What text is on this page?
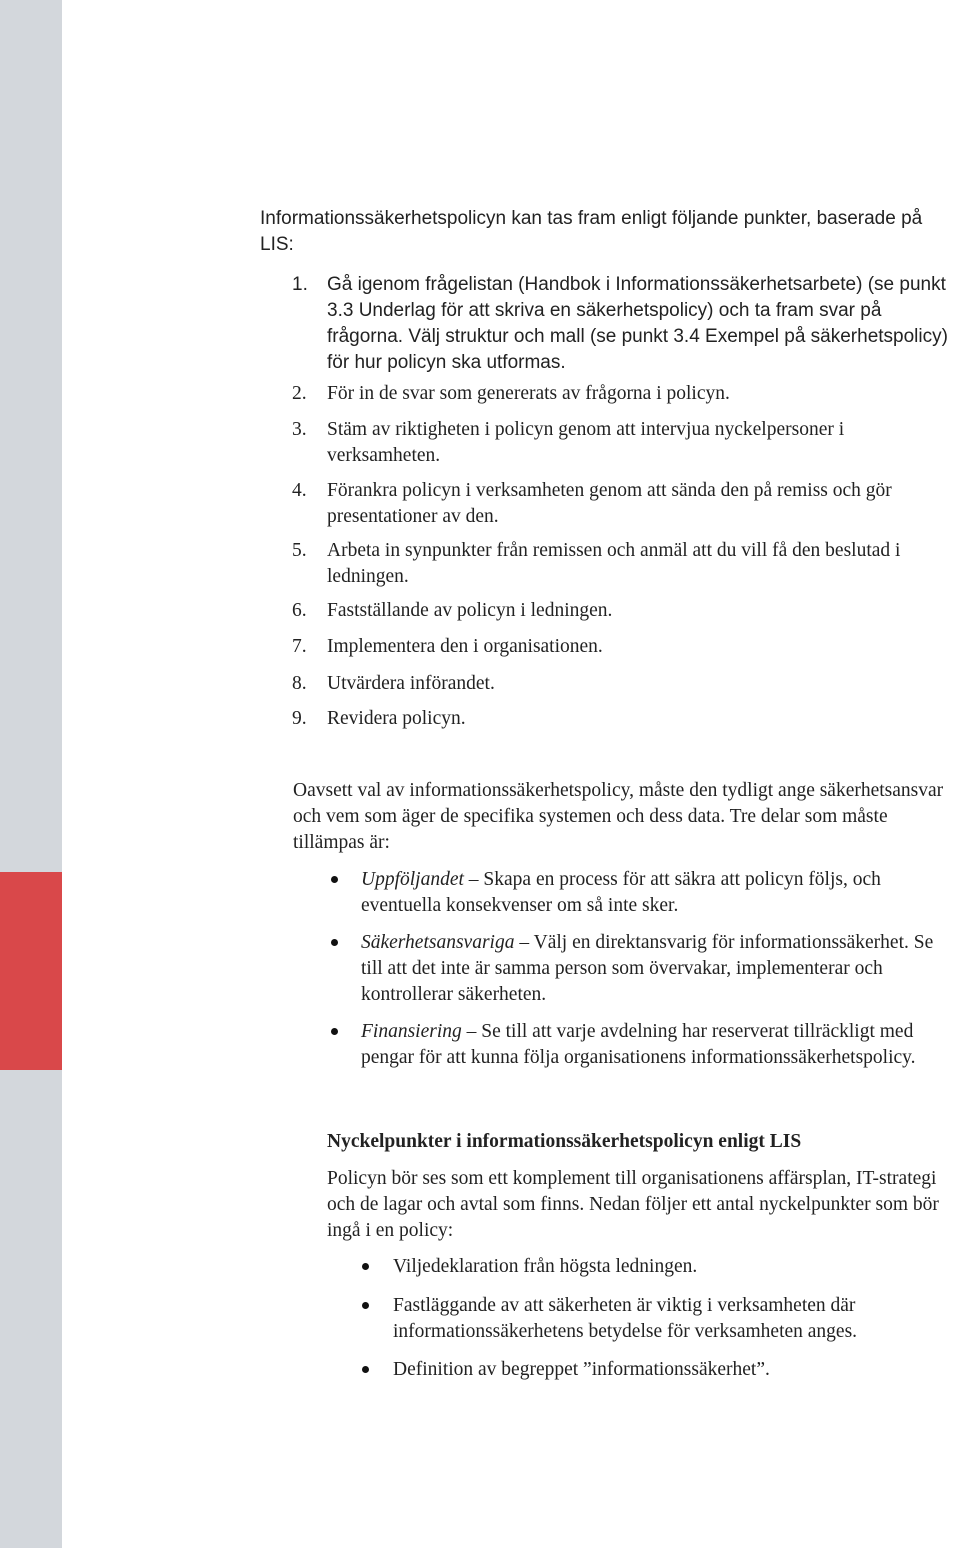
Informationssäkerhetspolicyn kan tas fram enligt följande punkter, baserade på LIS:
1. Gå igenom frågelistan (Handbok i Informationssäkerhetsarbete) (se punkt 3.3 Underlag för att skriva en säkerhetspolicy) och ta fram svar på frågorna. Välj struktur och mall (se punkt 3.4 Exempel på säkerhetspolicy) för hur policyn ska utformas.
2. För in de svar som genererats av frågorna i policyn.
3. Stäm av riktigheten i policyn genom att intervjua nyckelpersoner i verksamheten.
4. Förankra policyn i verksamheten genom att sända den på remiss och gör presentationer av den.
5. Arbeta in synpunkter från remissen och anmäl att du vill få den beslutad i ledningen.
6. Fastställande av policyn i ledningen.
7. Implementera den i organisationen.
8. Utvärdera införandet.
9. Revidera policyn.
Oavsett val av informationssäkerhetspolicy, måste den tydligt ange säkerhetsansvar och vem som äger de specifika systemen och dess data. Tre delar som måste tillämpas är:
Uppföljandet – Skapa en process för att säkra att policyn följs, och eventuella konsekvenser om så inte sker.
Säkerhetsansvariga – Välj en direktansvarig för informationssäkerhet. Se till att det inte är samma person som övervakar, implementerar och kontrollerar säkerheten.
Finansiering – Se till att varje avdelning har reserverat tillräckligt med pengar för att kunna följa organisationens informationssäkerhetspolicy.
Nyckelpunkter i informationssäkerhetspolicyn enligt LIS
Policyn bör ses som ett komplement till organisationens affärsplan, IT-strategi och de lagar och avtal som finns. Nedan följer ett antal nyckelpunkter som bör ingå i en policy:
Viljedeklaration från högsta ledningen.
Fastläggande av att säkerheten är viktig i verksamheten där informationssäkerhetens betydelse för verksamheten anges.
Definition av begreppet ”informationssäkerhet”.
